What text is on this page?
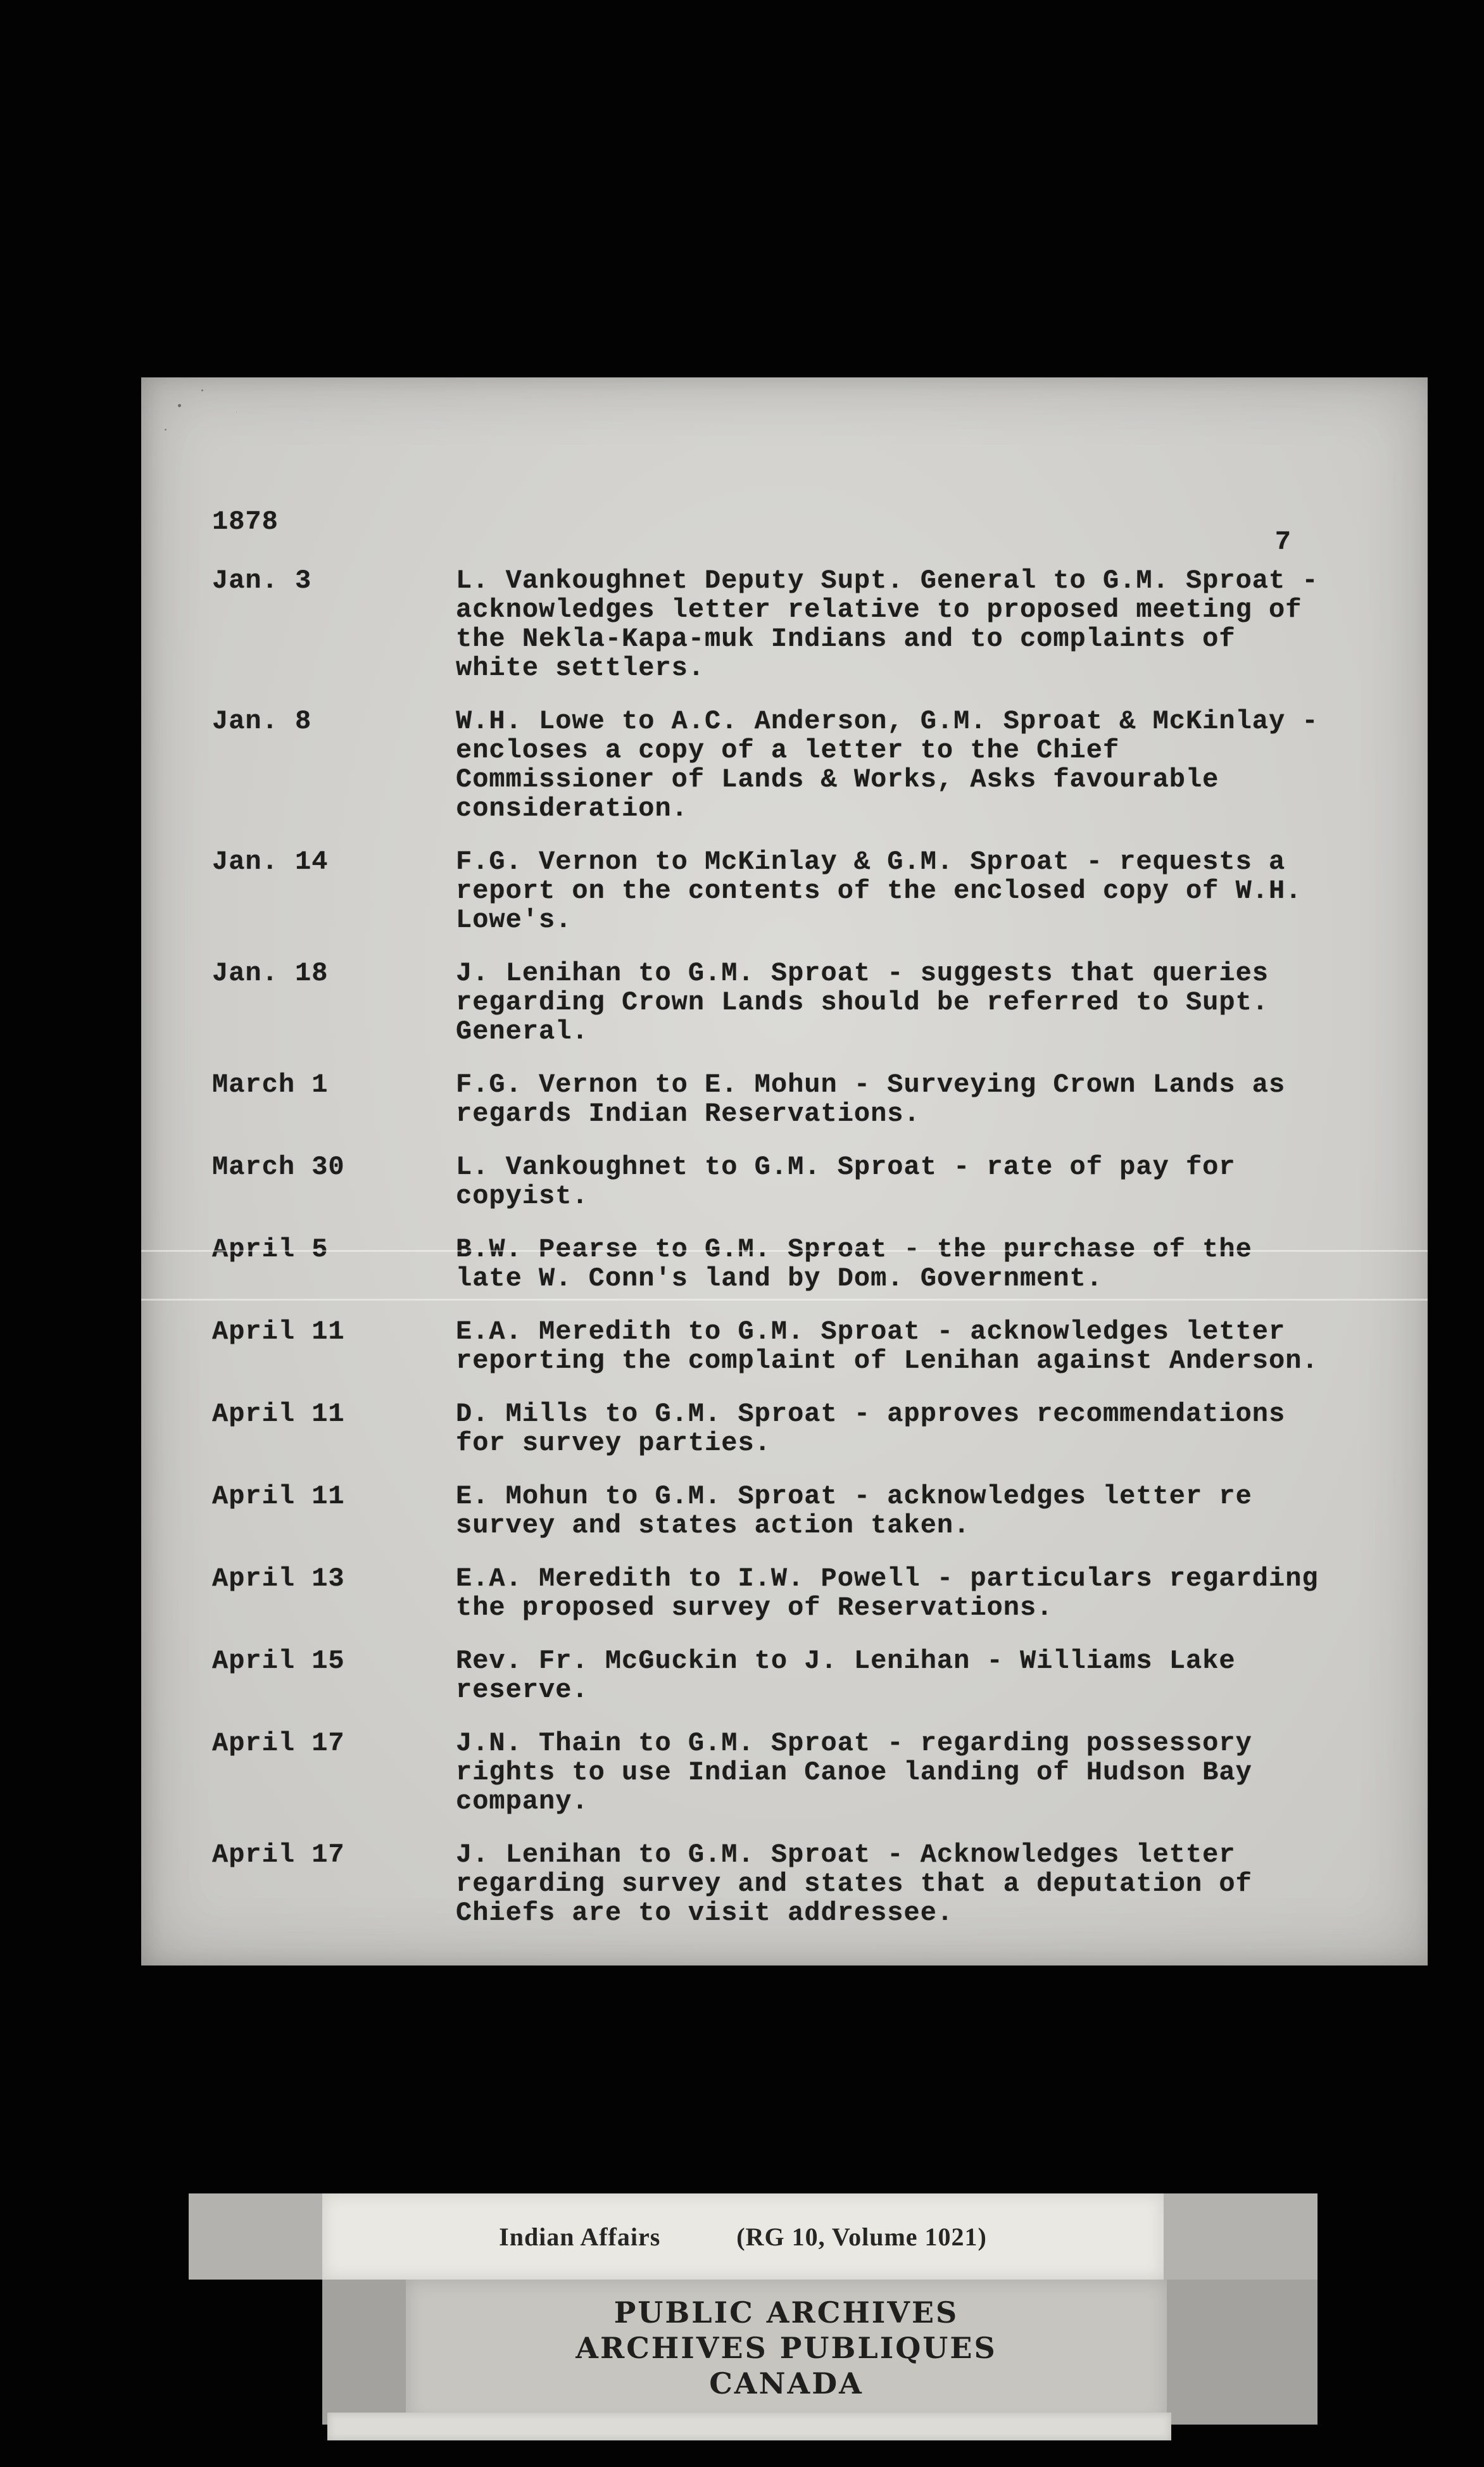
1878
7
Jan. 3	L. Vankoughnet Deputy Supt. General to G.M. Sproat - acknowledges letter relative to proposed meeting of the Nekla-Kapa-muk Indians and to complaints of white settlers.
Jan. 8	W.H. Lowe to A.C. Anderson, G.M. Sproat & McKinlay - encloses a copy of a letter to the Chief Commissioner of Lands & Works, Asks favourable consideration.
Jan. 14	F.G. Vernon to McKinlay & G.M. Sproat - requests a report on the contents of the enclosed copy of W.H. Lowe's.
Jan. 18	J. Lenihan to G.M. Sproat - suggests that queries regarding Crown Lands should be referred to Supt. General.
March 1	F.G. Vernon to E. Mohun - Surveying Crown Lands as regards Indian Reservations.
March 30	L. Vankoughnet to G.M. Sproat - rate of pay for copyist.
April 5	B.W. Pearse to G.M. Sproat - the purchase of the late W. Conn's land by Dom. Government.
April 11	E.A. Meredith to G.M. Sproat - acknowledges letter reporting the complaint of Lenihan against Anderson.
April 11	D. Mills to G.M. Sproat - approves recommendations for survey parties.
April 11	E. Mohun to G.M. Sproat - acknowledges letter re survey and states action taken.
April 13	E.A. Meredith to I.W. Powell - particulars regarding the proposed survey of Reservations.
April 15	Rev. Fr. McGuckin to J. Lenihan - Williams Lake reserve.
April 17	J.N. Thain to G.M. Sproat - regarding possessory rights to use Indian Canoe landing of Hudson Bay company.
April 17	J. Lenihan to G.M. Sproat - Acknowledges letter regarding survey and states that a deputation of Chiefs are to visit addressee.
Indian Affairs	(RG 10, Volume 1021)
PUBLIC ARCHIVES
ARCHIVES PUBLIQUES
CANADA
